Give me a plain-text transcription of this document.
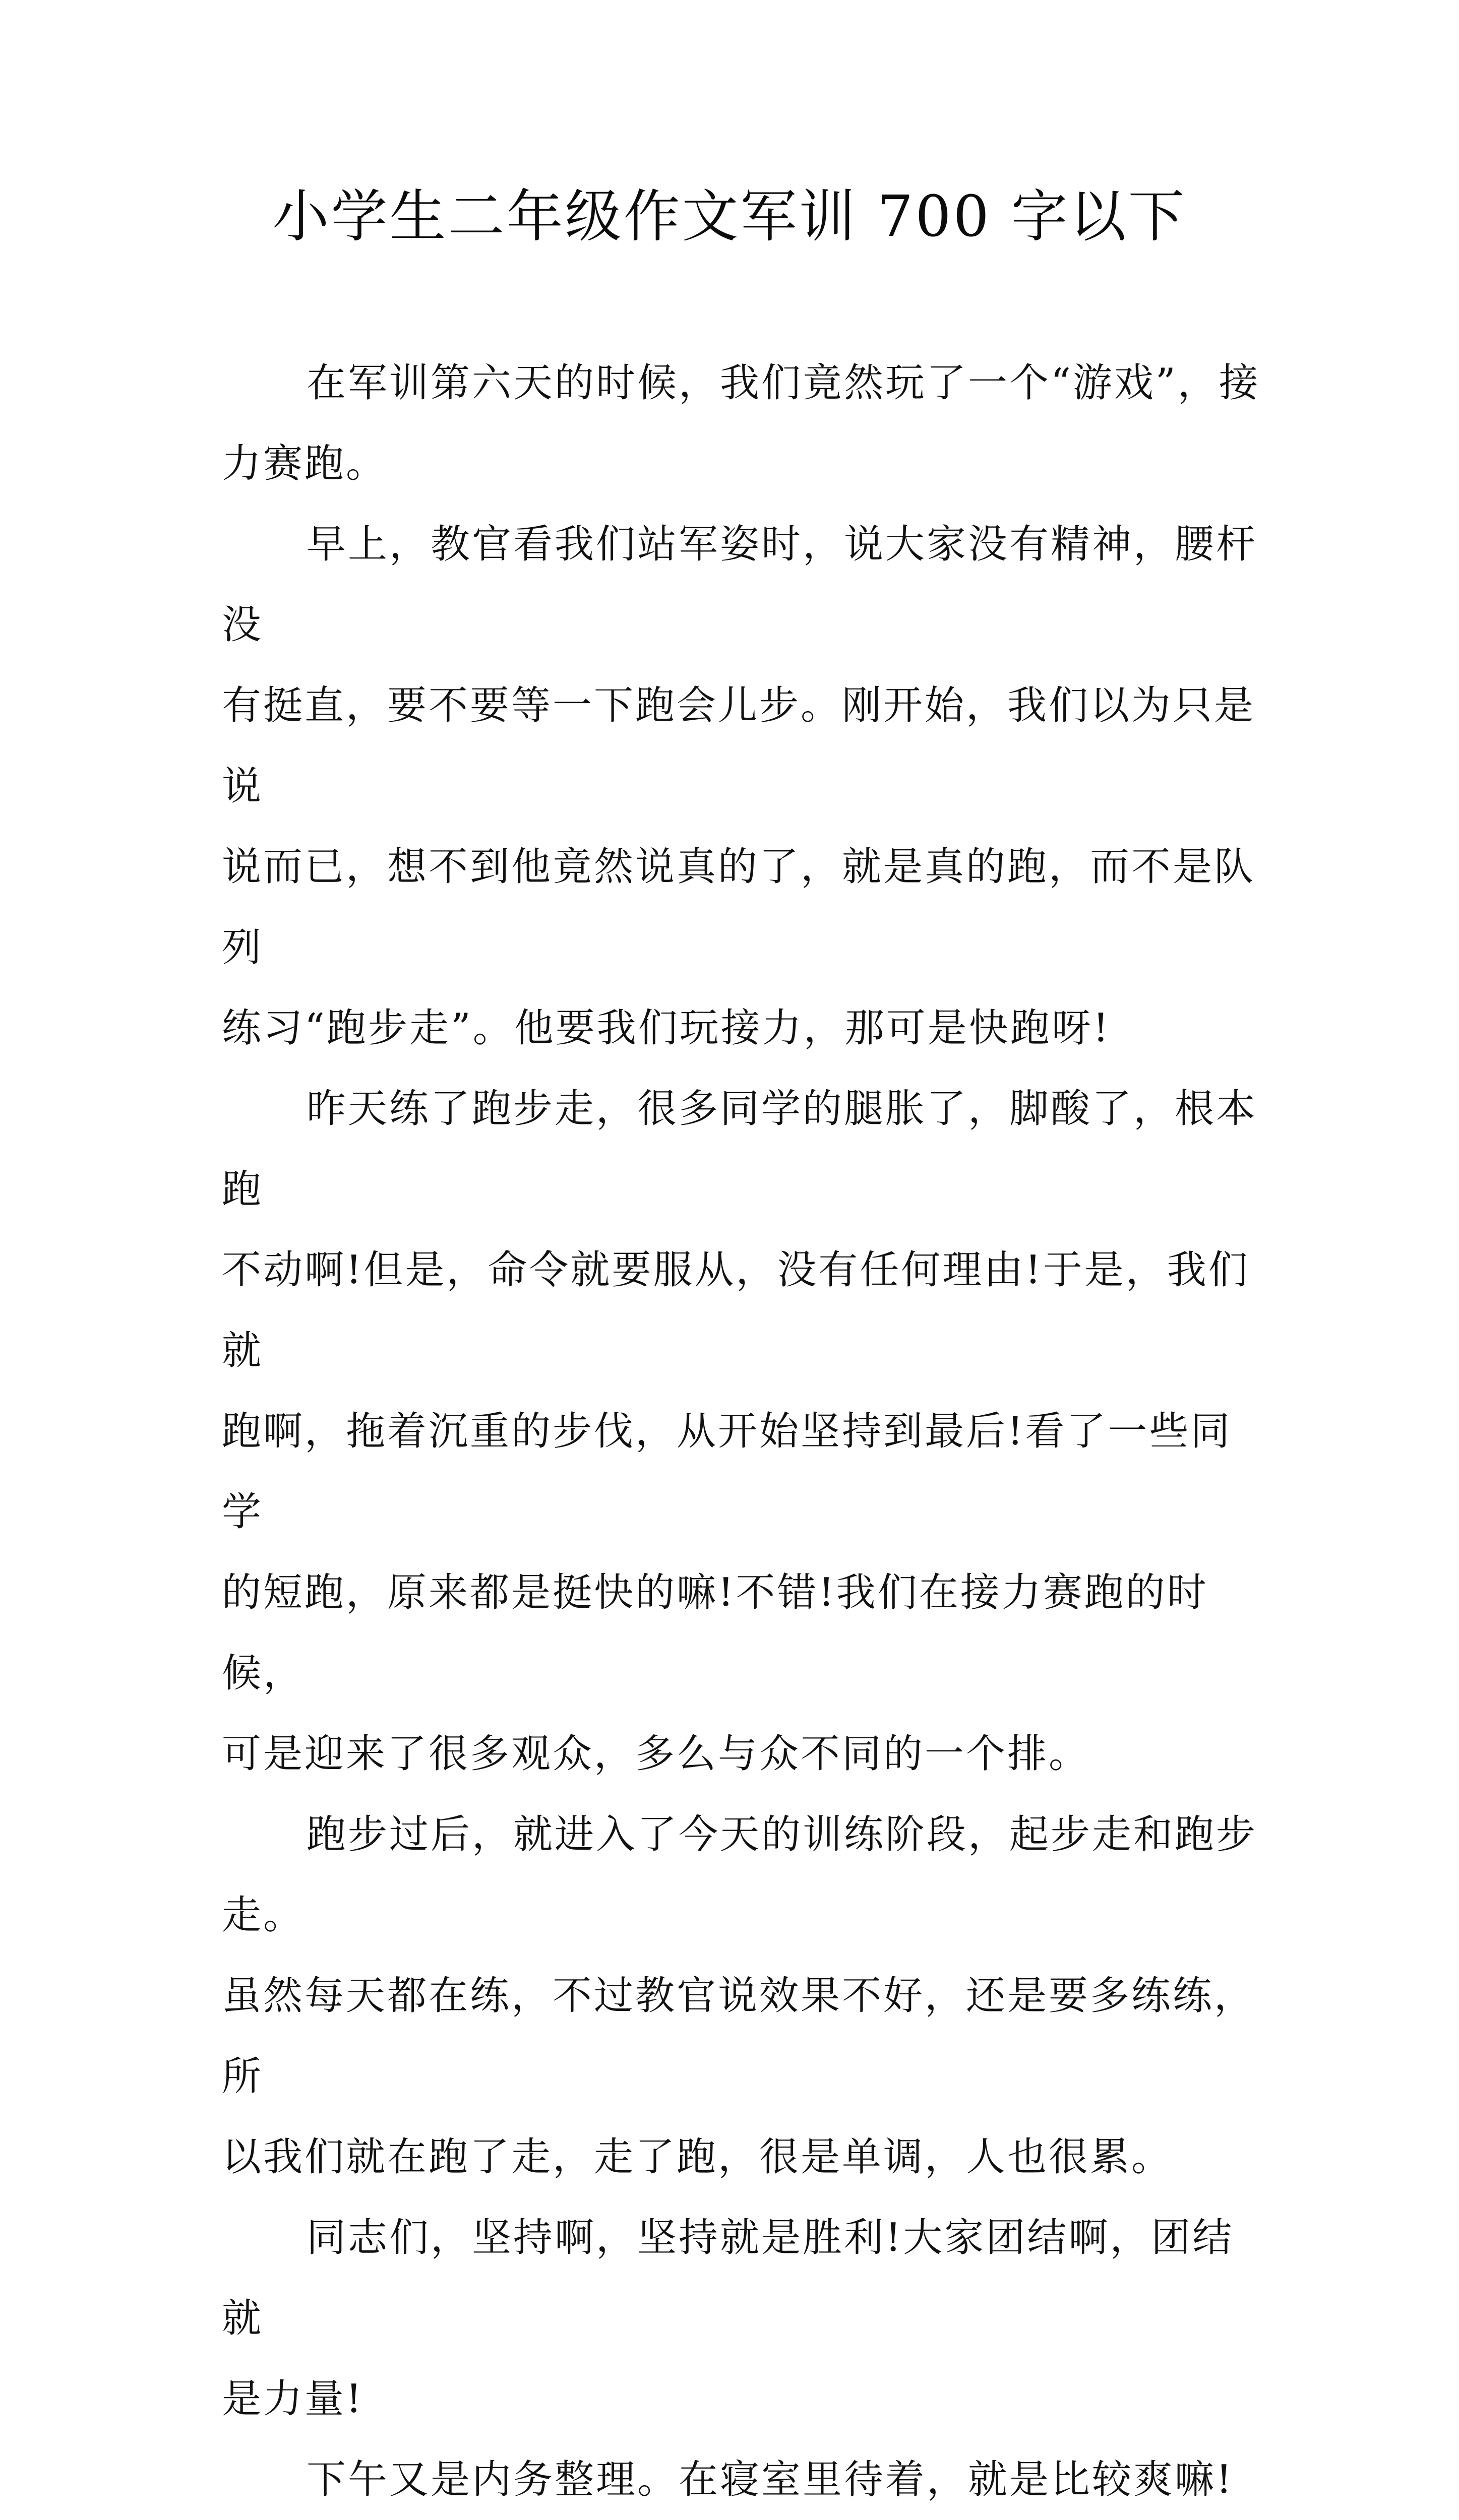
小学生二年级作文军训 700 字以下

在军训第六天的时候，我们竟然玩了一个“游戏”，接
力赛跑。

早上，教官看我们站军姿时，说大家没有精神，腰杆没
有挺直，要不要等一下跑会儿步。刚开始，我们以为只是说
说而已，想不到他竟然说真的了，就是真的跑，而不是队列
练习“跑步走”。他要我们玩接力，那可是快跑呀!

昨天练了跑步走，很多同学的腿胀了，脚酸了，根本跑
不动啊!但是，命令就要服从，没有任何理由!于是，我们就
跑啊，拖着沉重的步伐，从开始坚持到最后!看了一些同学
的短跑，原来都是挺快的嘛!不错!我们在接力赛跑的时候，
可是迎来了很多观众，多么与众不同的一个排。

跑步过后，就进入了今天的训练阶段，起步走和跑步走。
虽然每天都在练，不过教官说效果不好，还是要多练练，所
以我们就在跑了走，走了跑，很是单调，人也很累。

同志们，坚持啊，坚持就是胜利!大家团结啊，团结就
是力量!

下午又是内务整理。在寝室里待着，就是比较爽嘛!
